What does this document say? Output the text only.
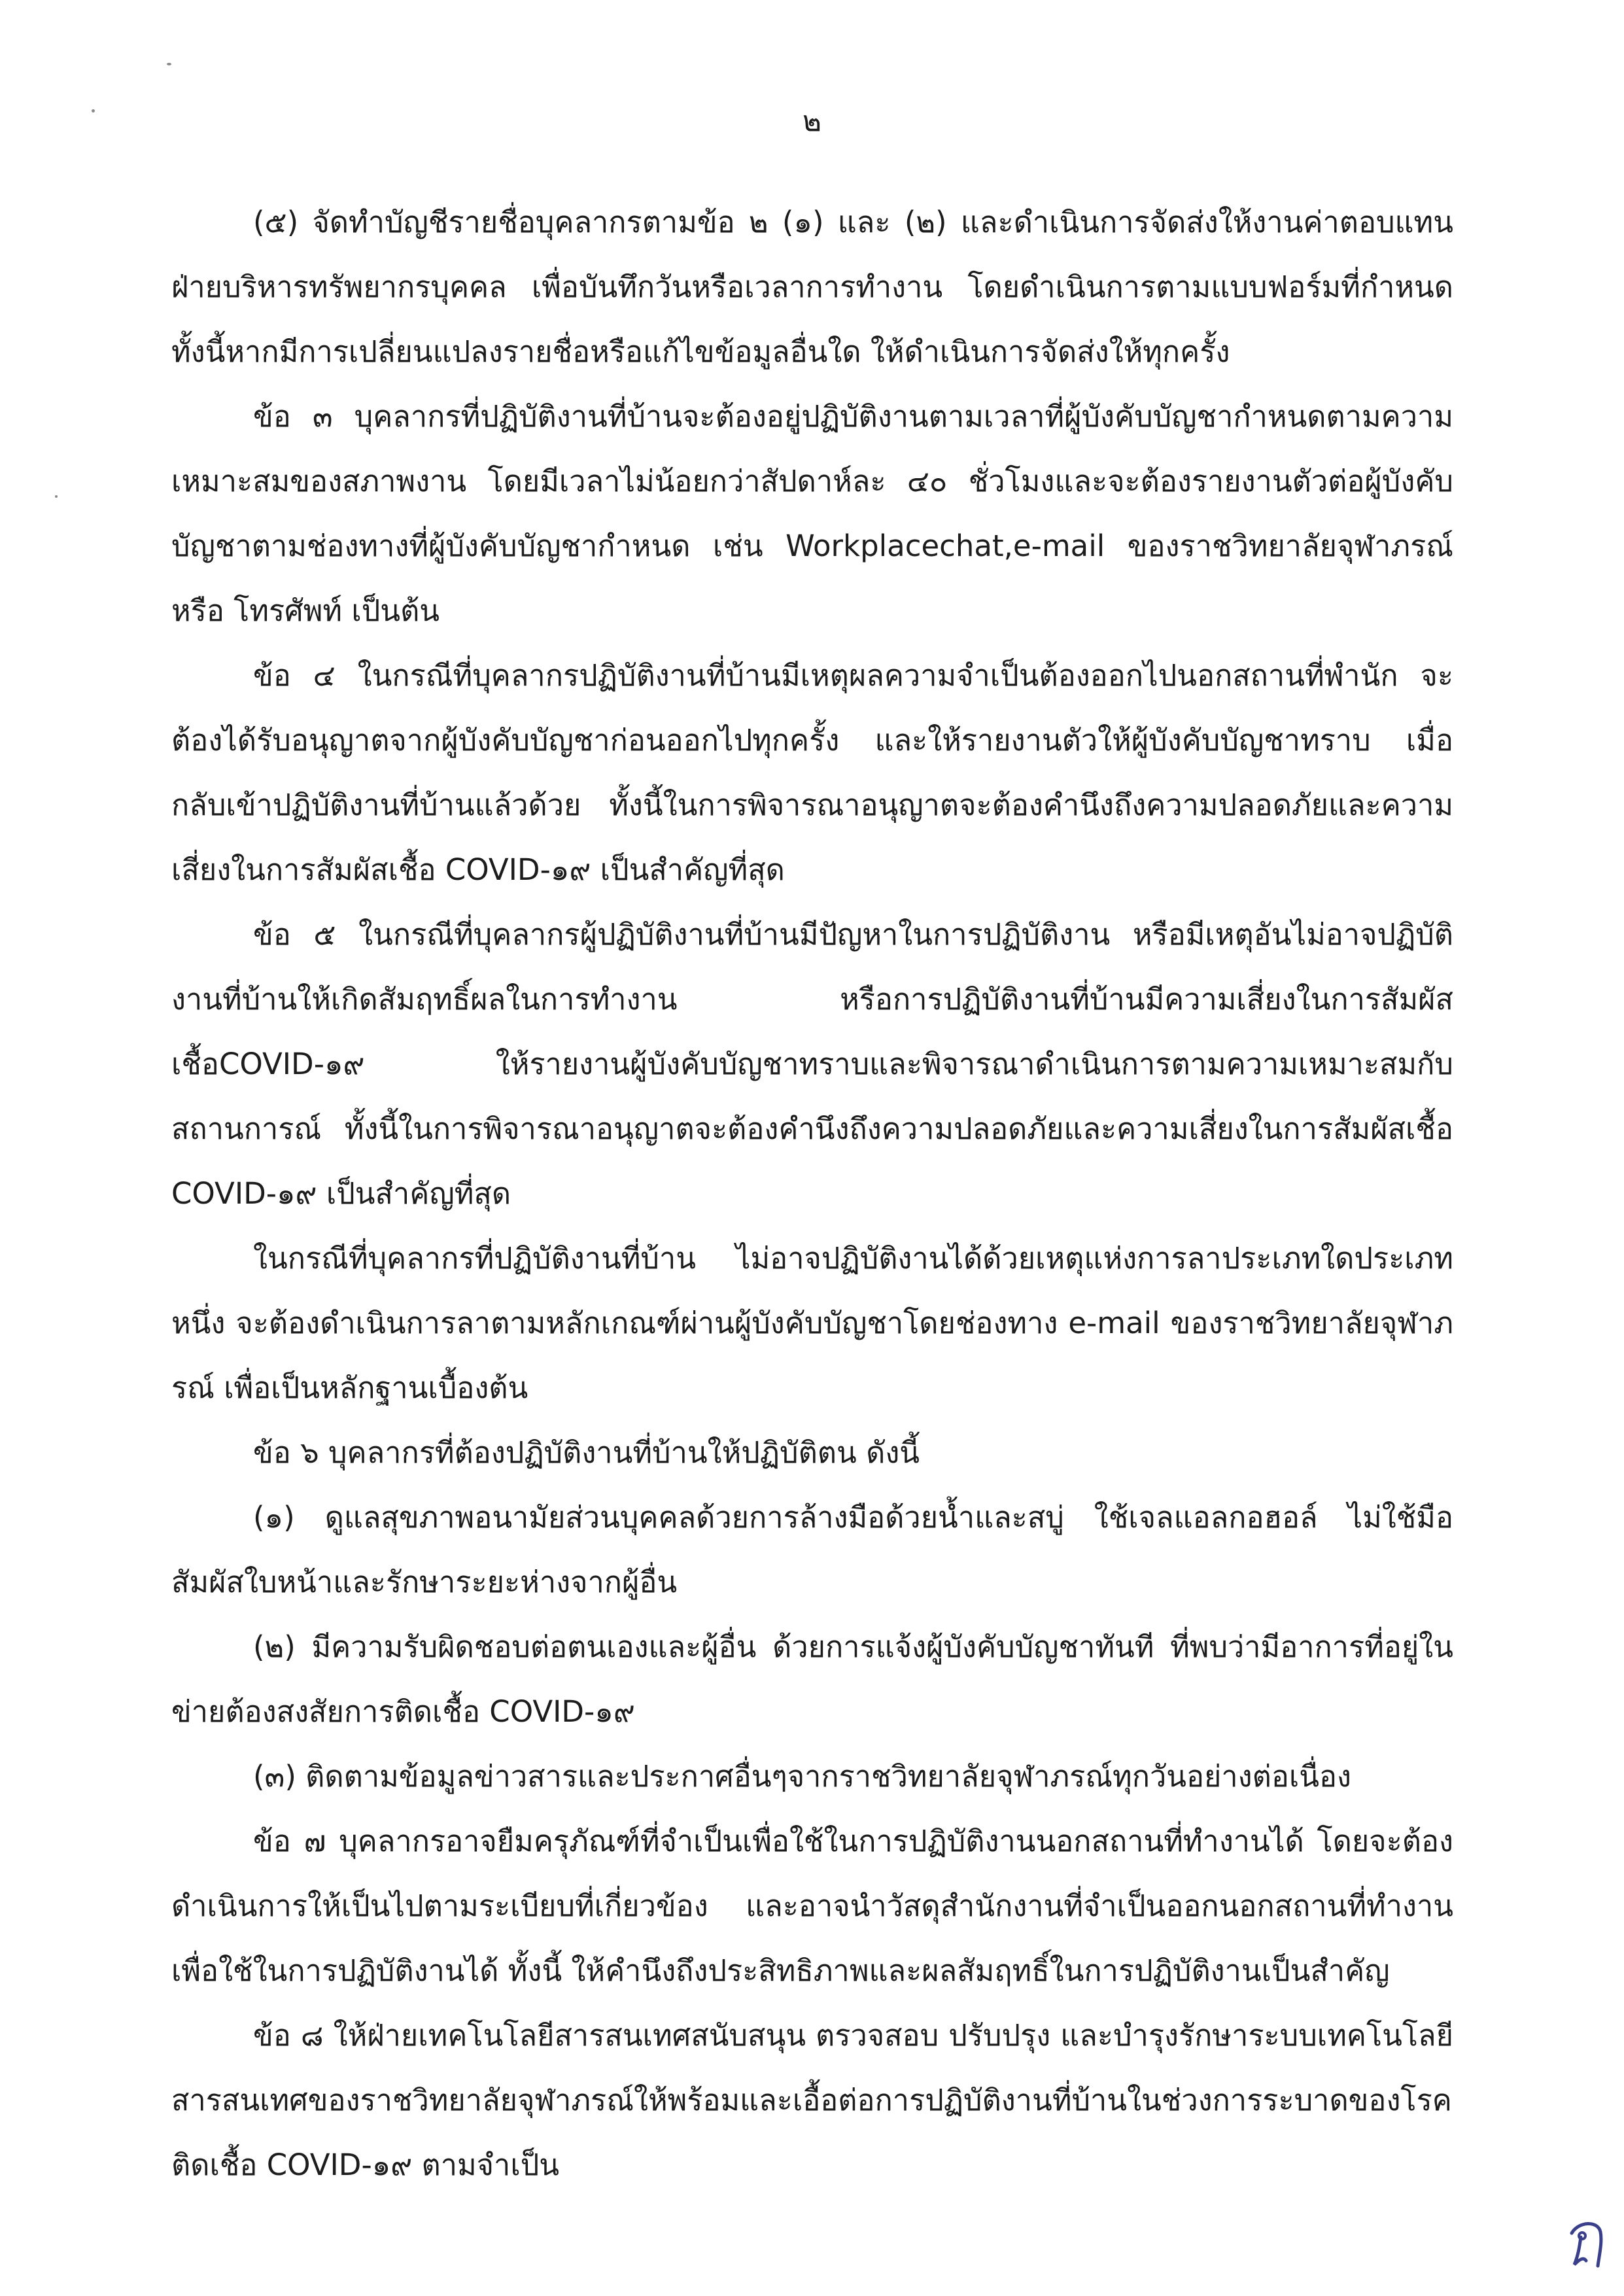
๒

(๕) จัดทำบัญชีรายชื่อบุคลากรตามข้อ ๒ (๑) และ (๒) และดำเนินการจัดส่งให้งานค่าตอบแทน ฝ่ายบริหารทรัพยากรบุคคล เพื่อบันทึกวันหรือเวลาการทำงาน โดยดำเนินการตามแบบฟอร์มที่กำหนด ทั้งนี้หากมีการเปลี่ยนแปลงรายชื่อหรือแก้ไขข้อมูลอื่นใด ให้ดำเนินการจัดส่งให้ทุกครั้ง

ข้อ ๓ บุคลากรที่ปฏิบัติงานที่บ้านจะต้องอยู่ปฏิบัติงานตามเวลาที่ผู้บังคับบัญชากำหนดตามความเหมาะสมของสภาพงาน โดยมีเวลาไม่น้อยกว่าสัปดาห์ละ ๔๐ ชั่วโมงและจะต้องรายงานตัวต่อผู้บังคับบัญชาตามช่องทางที่ผู้บังคับบัญชากำหนด เช่น Workplacechat,e-mail ของราชวิทยาลัยจุฬาภรณ์ หรือ โทรศัพท์ เป็นต้น

ข้อ ๔ ในกรณีที่บุคลากรปฏิบัติงานที่บ้านมีเหตุผลความจำเป็นต้องออกไปนอกสถานที่พำนัก จะต้องได้รับอนุญาตจากผู้บังคับบัญชาก่อนออกไปทุกครั้ง และให้รายงานตัวให้ผู้บังคับบัญชาทราบ เมื่อกลับเข้าปฏิบัติงานที่บ้านแล้วด้วย ทั้งนี้ในการพิจารณาอนุญาตจะต้องคำนึงถึงความปลอดภัยและความเสี่ยงในการสัมผัสเชื้อ COVID-๑๙ เป็นสำคัญที่สุด

ข้อ ๕ ในกรณีที่บุคลากรผู้ปฏิบัติงานที่บ้านมีปัญหาในการปฏิบัติงาน หรือมีเหตุอันไม่อาจปฏิบัติงานที่บ้านให้เกิดสัมฤทธิ์ผลในการทำงาน หรือการปฏิบัติงานที่บ้านมีความเสี่ยงในการสัมผัสเชื้อCOVID-๑๙ ให้รายงานผู้บังคับบัญชาทราบและพิจารณาดำเนินการตามความเหมาะสมกับสถานการณ์ ทั้งนี้ในการพิจารณาอนุญาตจะต้องคำนึงถึงความปลอดภัยและความเสี่ยงในการสัมผัสเชื้อ COVID-๑๙ เป็นสำคัญที่สุด

ในกรณีที่บุคลากรที่ปฏิบัติงานที่บ้าน ไม่อาจปฏิบัติงานได้ด้วยเหตุแห่งการลาประเภทใดประเภทหนึ่ง จะต้องดำเนินการลาตามหลักเกณฑ์ผ่านผู้บังคับบัญชาโดยช่องทาง e-mail ของราชวิทยาลัยจุฬาภรณ์ เพื่อเป็นหลักฐานเบื้องต้น

ข้อ ๖ บุคลากรที่ต้องปฏิบัติงานที่บ้านให้ปฏิบัติตน ดังนี้

(๑) ดูแลสุขภาพอนามัยส่วนบุคคลด้วยการล้างมือด้วยน้ำและสบู่ ใช้เจลแอลกอฮอล์ ไม่ใช้มือสัมผัสใบหน้าและรักษาระยะห่างจากผู้อื่น

(๒) มีความรับผิดชอบต่อตนเองและผู้อื่น ด้วยการแจ้งผู้บังคับบัญชาทันที ที่พบว่ามีอาการที่อยู่ในข่ายต้องสงสัยการติดเชื้อ COVID-๑๙

(๓) ติดตามข้อมูลข่าวสารและประกาศอื่นๆจากราชวิทยาลัยจุฬาภรณ์ทุกวันอย่างต่อเนื่อง

ข้อ ๗ บุคลากรอาจยืมครุภัณฑ์ที่จำเป็นเพื่อใช้ในการปฏิบัติงานนอกสถานที่ทำงานได้ โดยจะต้องดำเนินการให้เป็นไปตามระเบียบที่เกี่ยวข้อง และอาจนำวัสดุสำนักงานที่จำเป็นออกนอกสถานที่ทำงานเพื่อใช้ในการปฏิบัติงานได้ ทั้งนี้ ให้คำนึงถึงประสิทธิภาพและผลสัมฤทธิ์ในการปฏิบัติงานเป็นสำคัญ

ข้อ ๘ ให้ฝ่ายเทคโนโลยีสารสนเทศสนับสนุน ตรวจสอบ ปรับปรุง และบำรุงรักษาระบบเทคโนโลยีสารสนเทศของราชวิทยาลัยจุฬาภรณ์ให้พร้อมและเอื้อต่อการปฏิบัติงานที่บ้านในช่วงการระบาดของโรคติดเชื้อ COVID-๑๙ ตามจำเป็น
